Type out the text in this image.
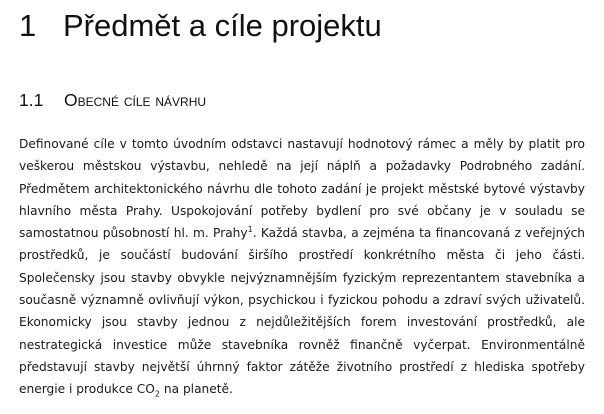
1 Předmět a cíle projektu
1.1 Obecné cíle návrhu
Definované cíle v tomto úvodním odstavci nastavují hodnotový rámec a měly by platit pro
veškerou městskou výstavbu, nehledě na její náplň a požadavky Podrobného zadání.
Předmětem architektonického návrhu dle tohoto zadání je projekt městské bytové výstavby
hlavního města Prahy. Uspokojování potřeby bydlení pro své občany je v souladu se
samostatnou působností hl. m. Prahy$^1$. Každá stavba, a zejména ta financovaná z veřejných
prostředků, je součástí budování širšího prostředí konkrétního města či jeho části.
Společensky jsou stavby obvykle nejvýznamnějším fyzickým reprezentantem stavebníka a
současně významně ovlivňují výkon, psychickou i fyzickou pohodu a zdraví svých uživatelů.
Ekonomicky jsou stavby jednou z nejdůležitějších forem investování prostředků, ale
nestrategická investice může stavebníka rovněž finančně vyčerpat. Environmentálně
představují stavby největší úhrnný faktor zátěže životního prostředí z hlediska spotřeby
energie i produkce $CO_2$ na planetě.
